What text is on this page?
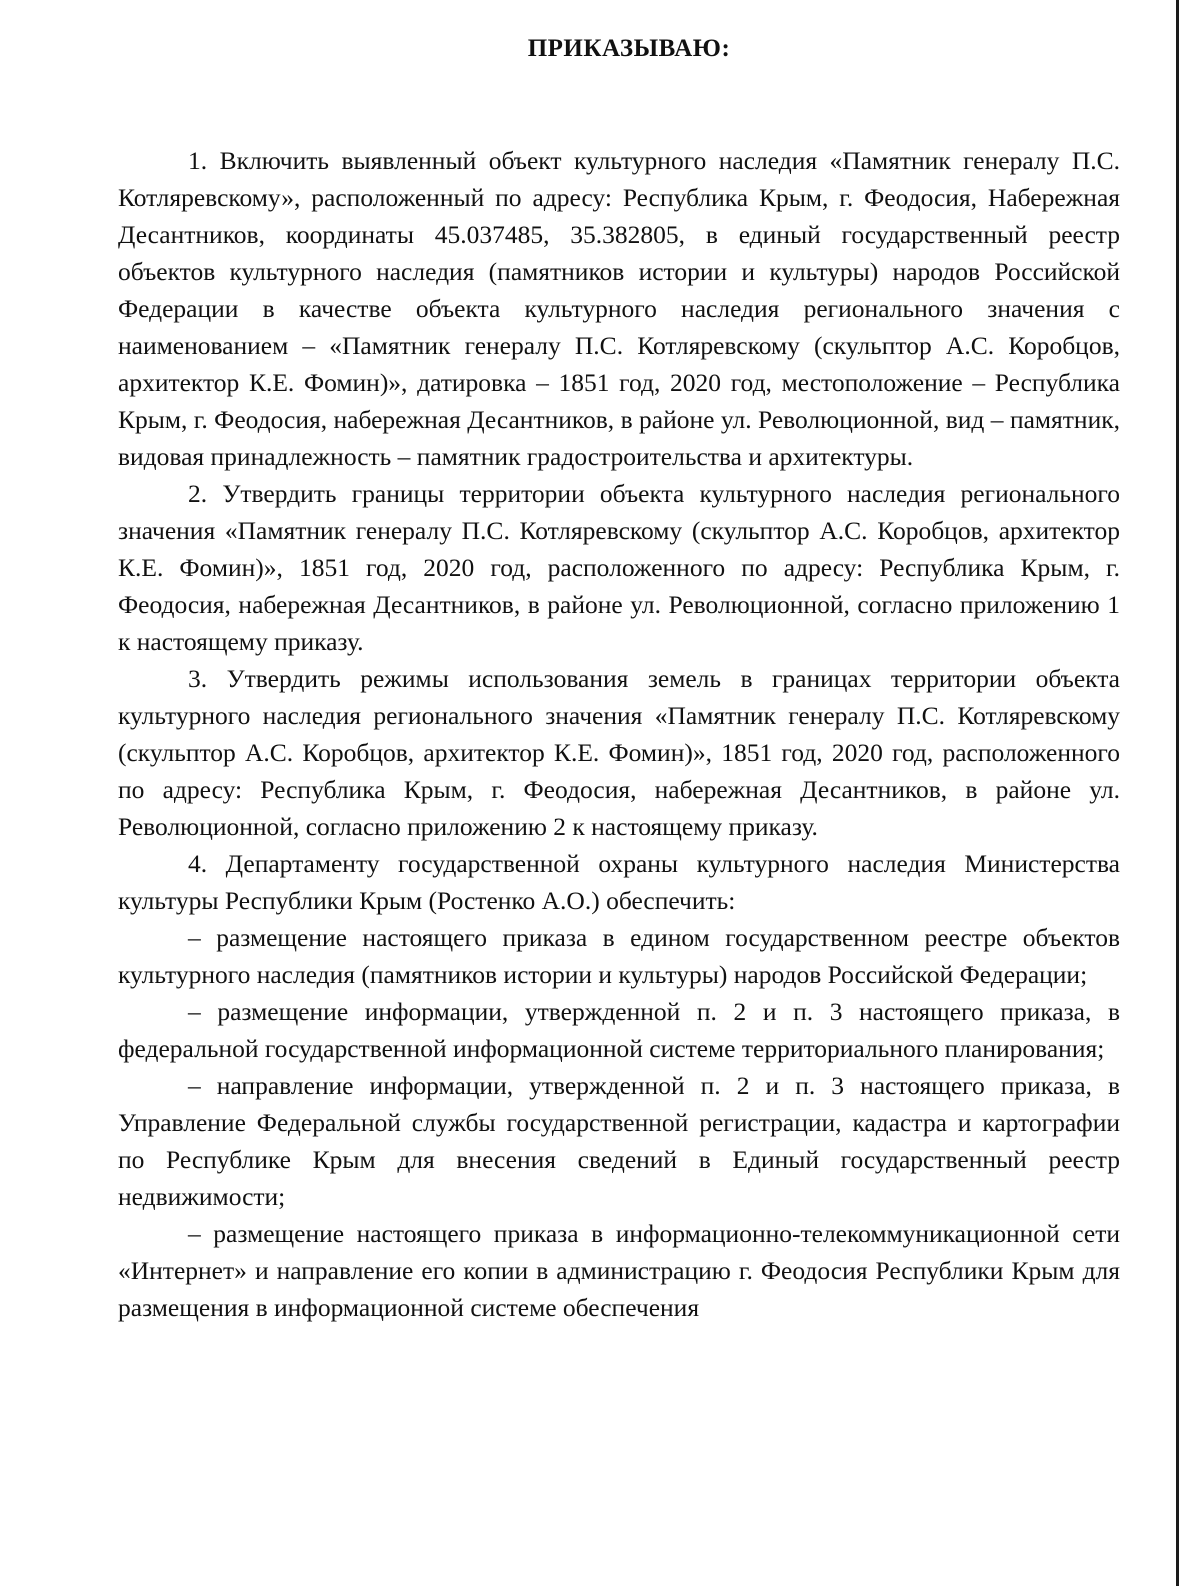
ПРИКАЗЫВАЮ:

1. Включить выявленный объект культурного наследия «Памятник генералу П.С. Котляревскому», расположенный по адресу: Республика Крым, г. Феодосия, Набережная Десантников, координаты 45.037485, 35.382805, в единый государственный реестр объектов культурного наследия (памятников истории и культуры) народов Российской Федерации в качестве объекта культурного наследия регионального значения с наименованием – «Памятник генералу П.С. Котляревскому (скульптор А.С. Коробцов, архитектор К.Е. Фомин)», датировка – 1851 год, 2020 год, местоположение – Республика Крым, г. Феодосия, набережная Десантников, в районе ул. Революционной, вид – памятник, видовая принадлежность – памятник градостроительства и архитектуры.

2. Утвердить границы территории объекта культурного наследия регионального значения «Памятник генералу П.С. Котляревскому (скульптор А.С. Коробцов, архитектор К.Е. Фомин)», 1851 год, 2020 год, расположенного по адресу: Республика Крым, г. Феодосия, набережная Десантников, в районе ул. Революционной, согласно приложению 1 к настоящему приказу.

3. Утвердить режимы использования земель в границах территории объекта культурного наследия регионального значения «Памятник генералу П.С. Котляревскому (скульптор А.С. Коробцов, архитектор К.Е. Фомин)», 1851 год, 2020 год, расположенного по адресу: Республика Крым, г. Феодосия, набережная Десантников, в районе ул. Революционной, согласно приложению 2 к настоящему приказу.

4. Департаменту государственной охраны культурного наследия Министерства культуры Республики Крым (Ростенко А.О.) обеспечить:

– размещение настоящего приказа в едином государственном реестре объектов культурного наследия (памятников истории и культуры) народов Российской Федерации;

– размещение информации, утвержденной п. 2 и п. 3 настоящего приказа, в федеральной государственной информационной системе территориального планирования;

– направление информации, утвержденной п. 2 и п. 3 настоящего приказа, в Управление Федеральной службы государственной регистрации, кадастра и картографии по Республике Крым для внесения сведений в Единый государственный реестр недвижимости;

– размещение настоящего приказа в информационно-телекоммуникационной сети «Интернет» и направление его копии в администрацию г. Феодосия Республики Крым для размещения в информационной системе обеспечения
